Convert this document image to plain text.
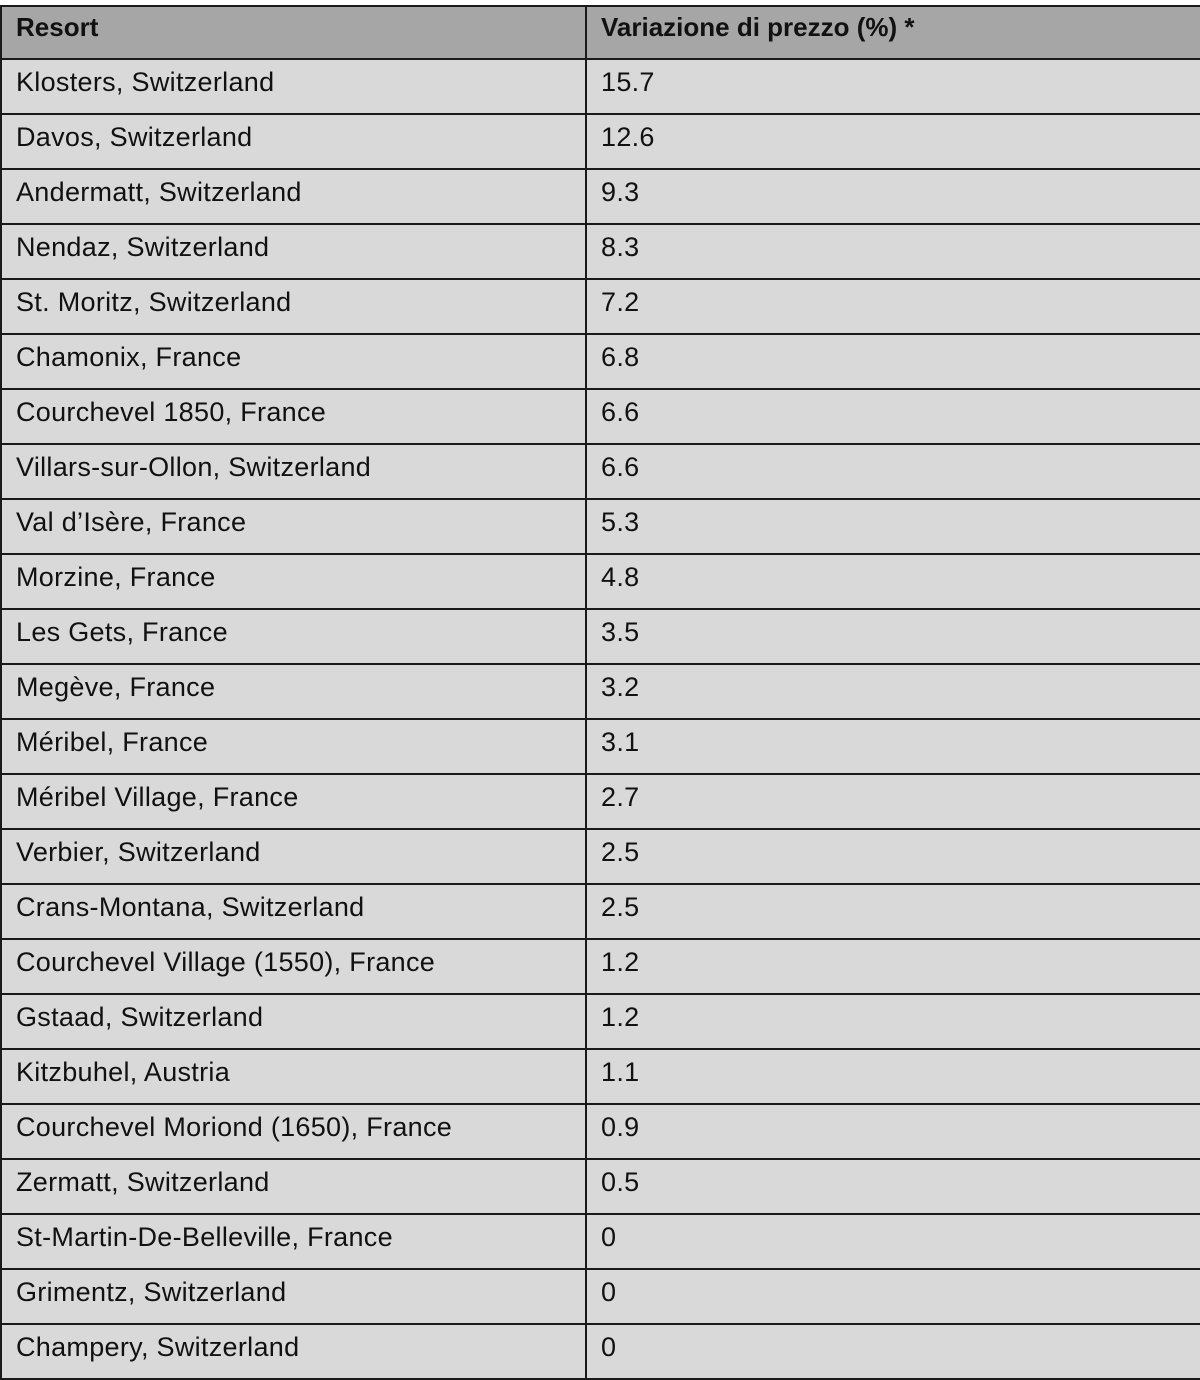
Resort	Variazione di prezzo (%) *
Klosters, Switzerland	15.7
Davos, Switzerland	12.6
Andermatt, Switzerland	9.3
Nendaz, Switzerland	8.3
St. Moritz, Switzerland	7.2
Chamonix, France	6.8
Courchevel 1850, France	6.6
Villars-sur-Ollon, Switzerland	6.6
Val d’Isère, France	5.3
Morzine, France	4.8
Les Gets, France	3.5
Megève, France	3.2
Méribel, France	3.1
Méribel Village, France	2.7
Verbier, Switzerland	2.5
Crans-Montana, Switzerland	2.5
Courchevel Village (1550), France	1.2
Gstaad, Switzerland	1.2
Kitzbuhel, Austria	1.1
Courchevel Moriond (1650), France	0.9
Zermatt, Switzerland	0.5
St-Martin-De-Belleville, France	0
Grimentz, Switzerland	0
Champery, Switzerland	0
